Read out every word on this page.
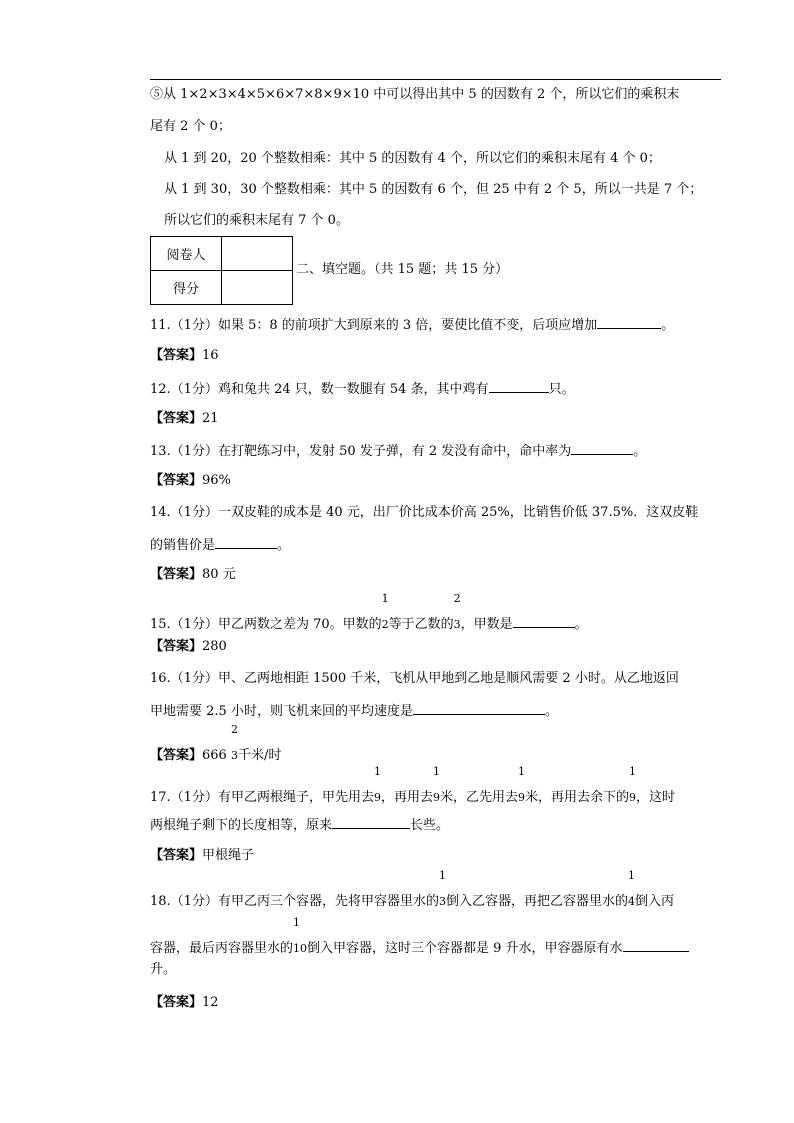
⑤从 1×2×3×4×5×6×7×8×9×10 中可以得出其中 5 的因数有 2 个，所以它们的乘积末
尾有 2 个 0；
从 1 到 20，20 个整数相乘：其中 5 的因数有 4 个，所以它们的乘积末尾有 4 个 0；
从 1 到 30，30 个整数相乘：其中 5 的因数有 6 个，但 25 中有 2 个 5，所以一共是 7 个；
所以它们的乘积末尾有 7 个 0。
阅卷人	
得分	
二、填空题。（共 15 题；共 15 分）
11.（1分）如果 5：8 的前项扩大到原来的 3 倍，要使比值不变，后项应增加	。
【答案】16
12.（1分）鸡和兔共 24 只，数一数腿有 54 条，其中鸡有	只。
【答案】21
13.（1分）在打靶练习中，发射 50 发子弹，有 2 发没有命中，命中率为	。
【答案】96%
14.（1分）一双皮鞋的成本是 40 元，出厂价比成本价高 25%，比销售价低 37.5%．这双皮鞋
的销售价是	。
【答案】80 元
15.（1分）甲乙两数之差为 70。甲数的
1
2等于乙数的
2
3，甲数是	。
【答案】280
16.（1分）甲、乙两地相距 1500 千米，飞机从甲地到乙地是顺风需要 2 小时。从乙地返回
甲地需要 2.5 小时，则飞机来回的平均速度是	。
【答案】666
2
3千米/时
17.（1分）有甲乙两根绳子，甲先用去
1
9，再用去
1
9米，乙先用去
1
9米，再用去余下的
1
9，这时
两根绳子剩下的长度相等，原来	长些。
【答案】甲根绳子
18.（1分）有甲乙丙三个容器，先将甲容器里水的
1
3倒入乙容器，再把乙容器里水的
1
4倒入丙
容器，最后丙容器里水的
1
10倒入甲容器，这时三个容器都是 9 升水，甲容器原有水
升。
【答案】12
